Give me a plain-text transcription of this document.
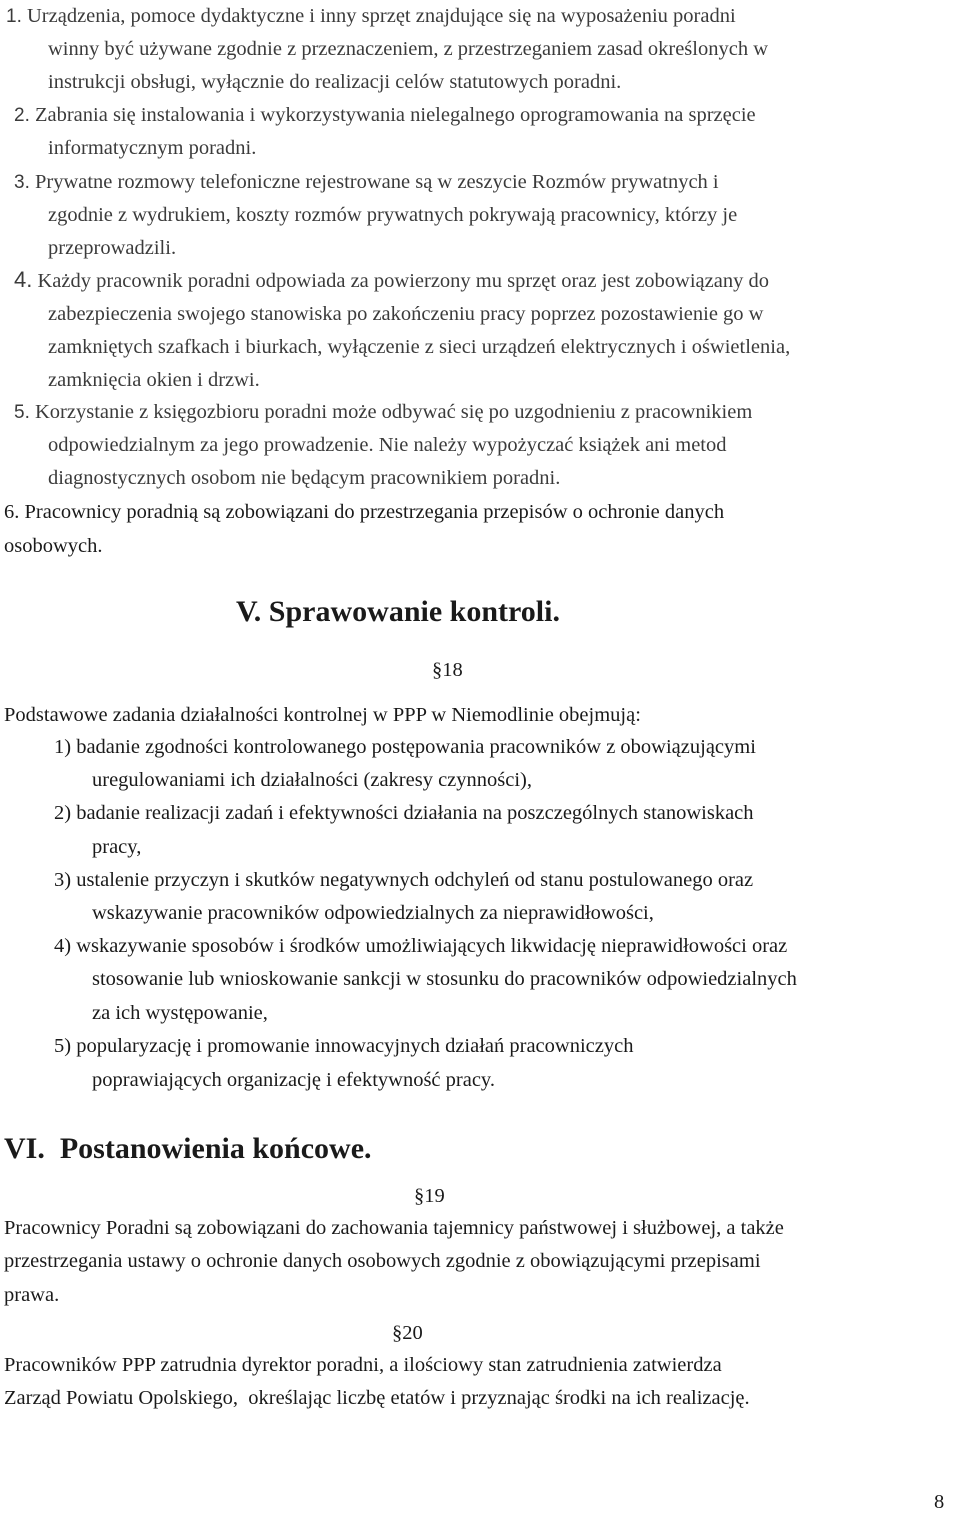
1. Urządzenia, pomoce dydaktyczne i inny sprzęt znajdujące się na wyposażeniu poradni
winny być używane zgodnie z przeznaczeniem, z przestrzeganiem zasad określonych w
instrukcji obsługi, wyłącznie do realizacji celów statutowych poradni.
2. Zabrania się instalowania i wykorzystywania nielegalnego oprogramowania na sprzęcie
informatycznym poradni.
3. Prywatne rozmowy telefoniczne rejestrowane są w zeszycie Rozmów prywatnych i
zgodnie z wydrukiem, koszty rozmów prywatnych pokrywają pracownicy, którzy je
przeprowadzili.
4. Każdy pracownik poradni odpowiada za powierzony mu sprzęt oraz jest zobowiązany do
zabezpieczenia swojego stanowiska po zakończeniu pracy poprzez pozostawienie go w
zamkniętych szafkach i biurkach, wyłączenie z sieci urządzeń elektrycznych i oświetlenia,
zamknięcia okien i drzwi.
5. Korzystanie z księgozbioru poradni może odbywać się po uzgodnieniu z pracownikiem
odpowiedzialnym za jego prowadzenie. Nie należy wypożyczać książek ani metod
diagnostycznych osobom nie będącym pracownikiem poradni.
6. Pracownicy poradnią są zobowiązani do przestrzegania przepisów o ochronie danych
osobowych.
V. Sprawowanie kontroli.
§18
Podstawowe zadania działalności kontrolnej w PPP w Niemodlinie obejmują:
1) badanie zgodności kontrolowanego postępowania pracowników z obowiązującymi
uregulowaniami ich działalności (zakresy czynności),
2) badanie realizacji zadań i efektywności działania na poszczególnych stanowiskach
pracy,
3) ustalenie przyczyn i skutków negatywnych odchyleń od stanu postulowanego oraz
wskazywanie pracowników odpowiedzialnych za nieprawidłowości,
4) wskazywanie sposobów i środków umożliwiających likwidację nieprawidłowości oraz
stosowanie lub wnioskowanie sankcji w stosunku do pracowników odpowiedzialnych
za ich występowanie,
5) popularyzację i promowanie innowacyjnych działań pracowniczych
poprawiających organizację i efektywność pracy.
VI.  Postanowienia końcowe.
§19
Pracownicy Poradni są zobowiązani do zachowania tajemnicy państwowej i służbowej, a także
przestrzegania ustawy o ochronie danych osobowych zgodnie z obowiązującymi przepisami
prawa.
§20
Pracowników PPP zatrudnia dyrektor poradni, a ilościowy stan zatrudnienia zatwierdza
Zarząd Powiatu Opolskiego,  określając liczbę etatów i przyznając środki na ich realizację.
8
